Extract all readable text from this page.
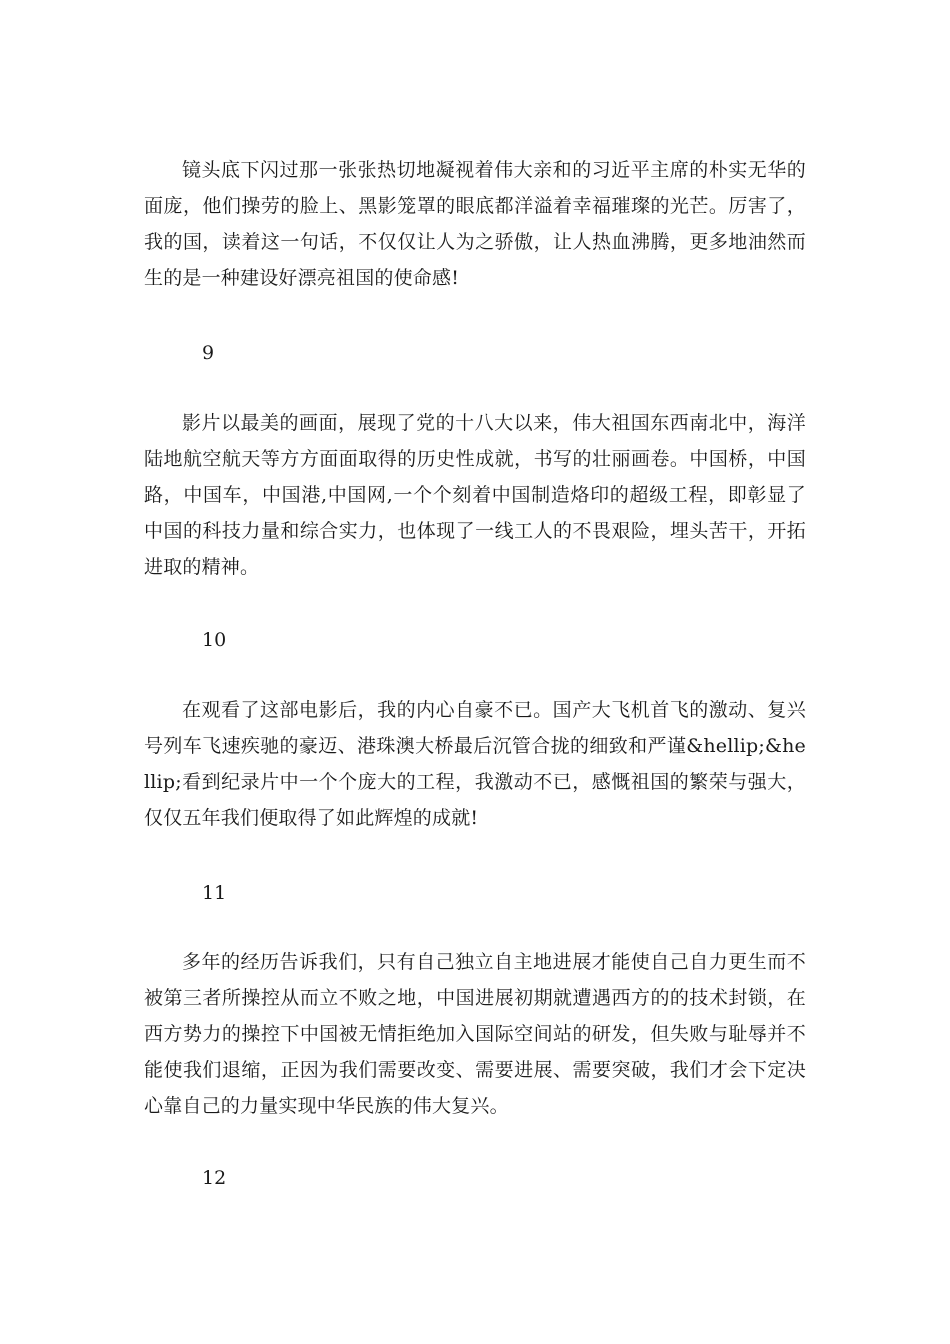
镜头底下闪过那一张张热切地凝视着伟大亲和的习近平主席的朴实无华的面庞，他们操劳的脸上、黑影笼罩的眼底都洋溢着幸福璀璨的光芒。厉害了，我的国，读着这一句话，不仅仅让人为之骄傲，让人热血沸腾，更多地油然而生的是一种建设好漂亮祖国的使命感!

9

影片以最美的画面，展现了党的十八大以来，伟大祖国东西南北中，海洋陆地航空航天等方方面面取得的历史性成就，书写的壮丽画卷。中国桥，中国路，中国车，中国港,中国网,一个个刻着中国制造烙印的超级工程，即彰显了中国的科技力量和综合实力，也体现了一线工人的不畏艰险，埋头苦干，开拓进取的精神。

10

在观看了这部电影后，我的内心自豪不已。国产大飞机首飞的激动、复兴号列车飞速疾驰的豪迈、港珠澳大桥最后沉管合拢的细致和严谨&hellip;&hellip;看到纪录片中一个个庞大的工程，我激动不已，感慨祖国的繁荣与强大，仅仅五年我们便取得了如此辉煌的成就!

11

多年的经历告诉我们，只有自己独立自主地进展才能使自己自力更生而不被第三者所操控从而立不败之地，中国进展初期就遭遇西方的的技术封锁，在西方势力的操控下中国被无情拒绝加入国际空间站的研发，但失败与耻辱并不能使我们退缩，正因为我们需要改变、需要进展、需要突破，我们才会下定决心靠自己的力量实现中华民族的伟大复兴。

12
